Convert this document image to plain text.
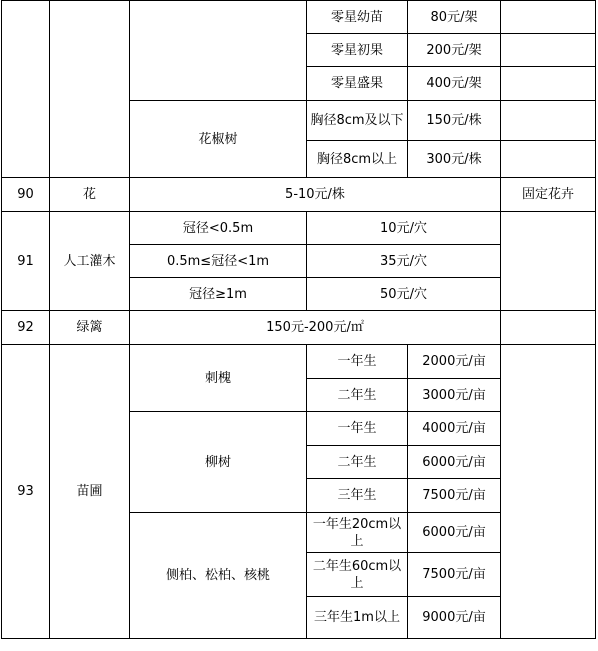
			零星幼苗	80元/架	
			零星初果	200元/架	
			零星盛果	400元/架	
		花椒树	胸径8cm及以下	150元/株	
			胸径8cm以上	300元/株	
90	花	5-10元/株			固定花卉
91	人工灌木	冠径<0.5m	10元/穴		
		0.5m≤冠径<1m	35元/穴		
		冠径≥1m	50元/穴		
92	绿篱	150元-200元/㎡			
93	苗圃	刺槐	一年生	2000元/亩	
			二年生	3000元/亩	
		柳树	一年生	4000元/亩	
			二年生	6000元/亩	
			三年生	7500元/亩	
		侧柏、松柏、核桃	一年生20cm以上	6000元/亩	
			二年生60cm以上	7500元/亩	
			三年生1m以上	9000元/亩	
